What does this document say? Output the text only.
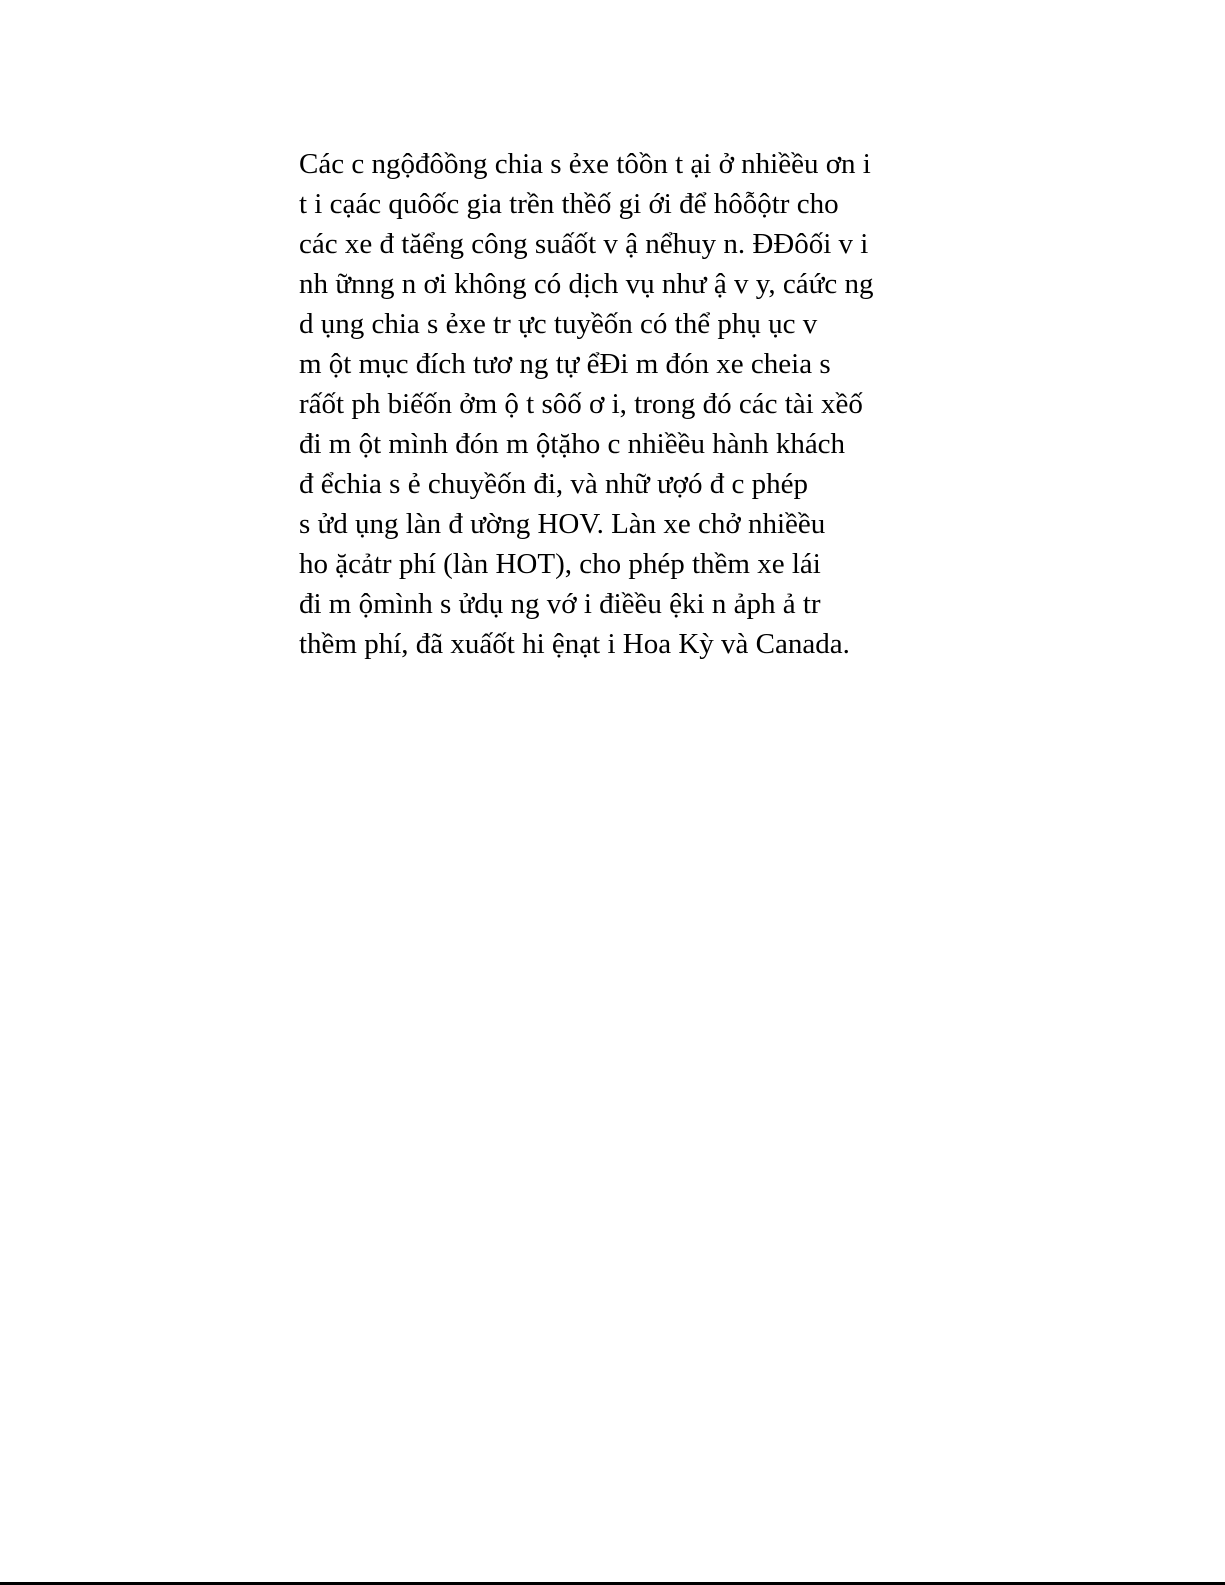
Các c ngộđôồng chia s ẻxe tôồn t ại ở nhiềều ơn i
t i cạác quôốc gia trền thềố gi ới để hôỗộtr cho
các xe đ tăểng công suấốt v ậ nểhuy n. ĐĐôối v i
nh ữnng n ơi không có dịch vụ như ậ v y, cáức ng
d ụng chia s ẻxe tr ực tuyềốn có thể phụ ục v
m ột mục đích tươ ng tự ểĐi m đón xe cheia s
rấốt ph biếốn ởm ộ t sôố ơ i, trong đó các tài xềố
đi m ột mình đón m ộtặho c nhiềều hành khách
đ ểchia s ẻ chuyềốn đi, và nhữ ượó đ c phép
s ửd ụng làn đ ường HOV. Làn xe chở nhiềều
ho ặcảtr phí (làn HOT), cho phép thềm xe lái
đi m ộmình s ửdụ ng vớ i điềều ệki n ảph ả tr
thềm phí, đã xuấốt hi ệnạt i Hoa Kỳ và Canada.
